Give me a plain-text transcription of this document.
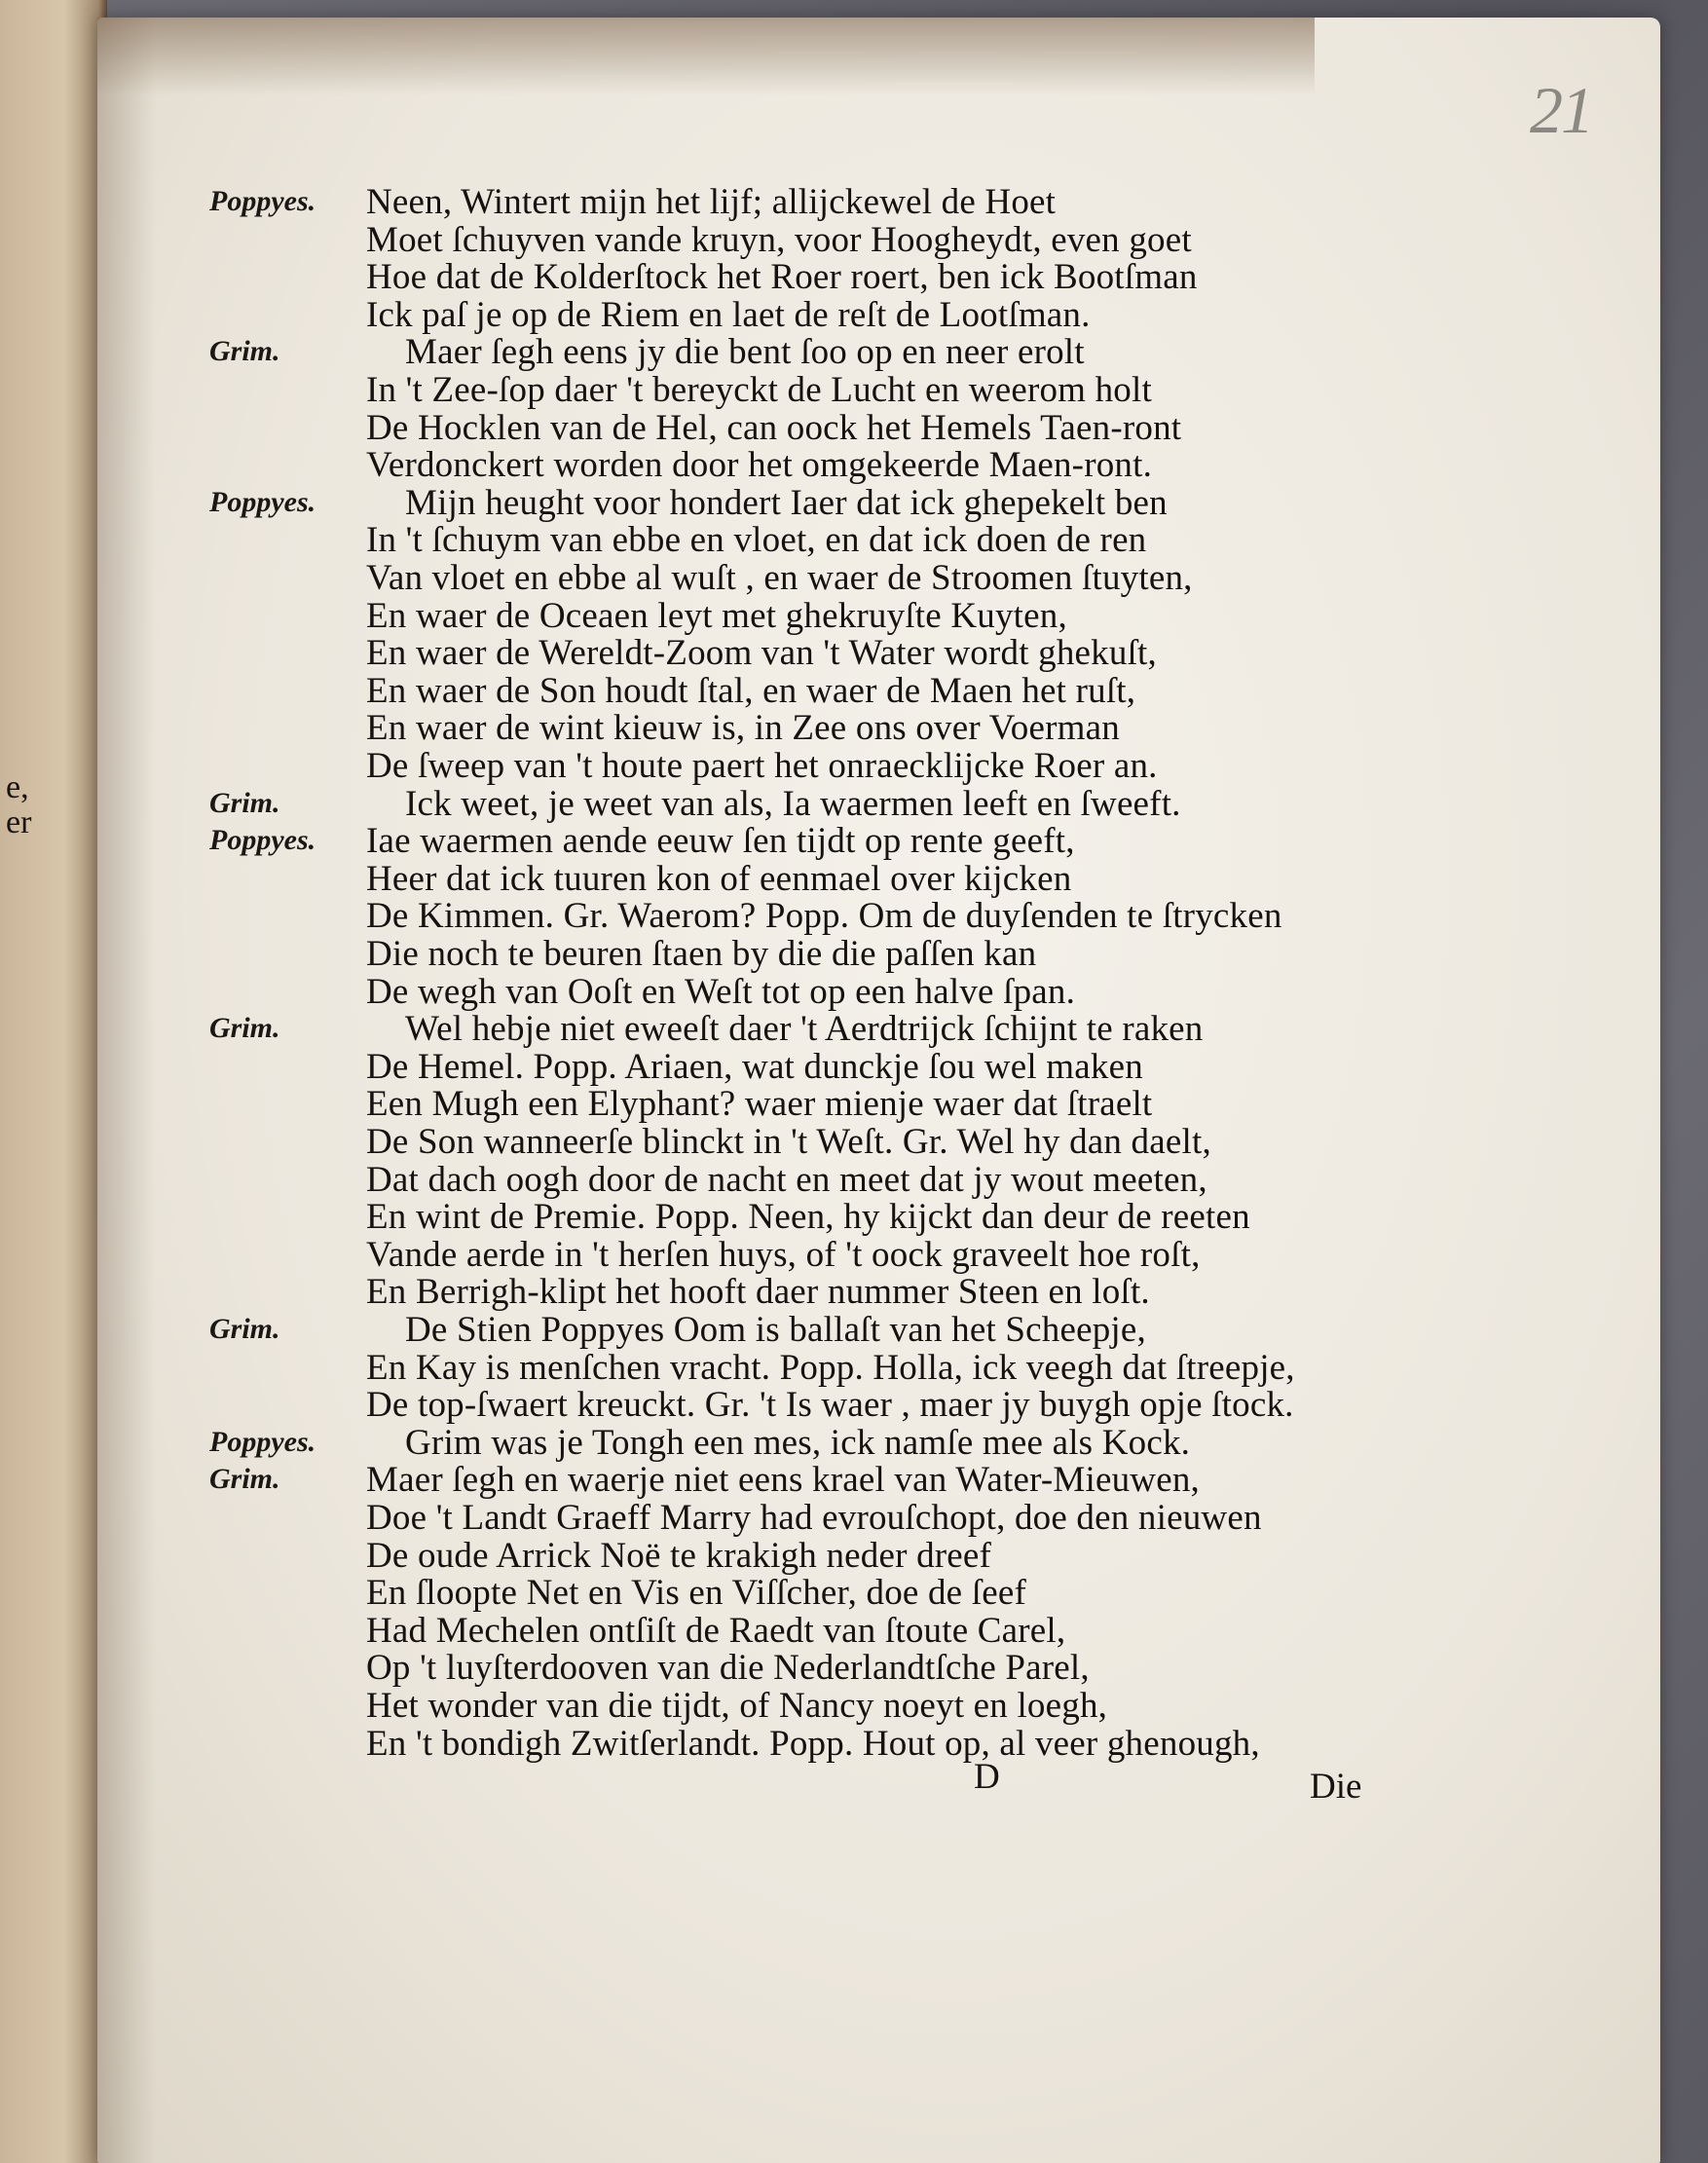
e,
er
21
Poppyes. Neen, Wintert mijn het lijf; allijckewel de Hoet
Moet ſchuyven vande kruyn, voor Hoogheydt, even goet
Hoe dat de Kolderſtock het Roer roert, ben ick Bootſman
Ick paſ je op de Riem en laet de reſt de Lootſman.
Grim.	Maer ſegh eens jy die bent ſoo op en neer erolt
In 't Zee-ſop daer 't bereyckt de Lucht en weerom holt
De Hocklen van de Hel, can oock het Hemels Taen-ront
Verdonckert worden door het omgekeerde Maen-ront.
Poppyes. Mijn heught voor hondert Iaer dat ick ghepekelt ben
In 't ſchuym van ebbe en vloet, en dat ick doen de ren
Van vloet en ebbe al wuſt , en waer de Stroomen ſtuyten,
En waer de Oceaen leyt met ghekruyſte Kuyten,
En waer de Wereldt-Zoom van 't Water wordt ghekuſt,
En waer de Son houdt ſtal, en waer de Maen het ruſt,
En waer de wint kieuw is, in Zee ons over Voerman
De ſweep van 't houte paert het onraecklijcke Roer an.
Grim.	Ick weet, je weet van als, Ia waermen leeft en ſweeft.
Poppyes. Iae waermen aende eeuw ſen tijdt op rente geeft,
Heer dat ick tuuren kon of eenmael over kijcken
De Kimmen. Gr. Waerom? Popp. Om de duyſenden te ſtrycken
Die noch te beuren ſtaen by die die paſſen kan
De wegh van Ooſt en Weſt tot op een halve ſpan.
Grim.	Wel hebje niet eweeſt daer 't Aerdtrijck ſchijnt te raken
De Hemel. Popp. Ariaen, wat dunckje ſou wel maken
Een Mugh een Elyphant? waer mienje waer dat ſtraelt
De Son wanneerſe blinckt in 't Weſt. Gr. Wel hy dan daelt,
Dat dach oogh door de nacht en meet dat jy wout meeten,
En wint de Premie. Popp. Neen, hy kijckt dan deur de reeten
Vande aerde in 't herſen huys, of 't oock graveelt hoe roſt,
En Berrigh-klipt het hooft daer nummer Steen en loſt.
Grim.	De Stien Poppyes Oom is ballaſt van het Scheepje,
En Kay is menſchen vracht. Popp. Holla, ick veegh dat ſtreepje,
De top-ſwaert kreuckt. Gr. 't Is waer , maer jy buygh opje ſtock.
Poppyes. Grim was je Tongh een mes, ick namſe mee als Kock.
Grim. Maer ſegh en waerje niet eens krael van Water-Mieuwen,
Doe 't Landt Graeff Marry had evrouſchopt, doe den nieuwen
De oude Arrick Noë te krakigh neder dreef
En ſloopte Net en Vis en Viſſcher, doe de ſeef
Had Mechelen ontſiſt de Raedt van ſtoute Carel,
Op 't luyſterdooven van die Nederlandtſche Parel,
Het wonder van die tijdt, of Nancy noeyt en loegh,
En 't bondigh Zwitſerlandt. Popp. Hout op, al veer ghenough,
D	Die
